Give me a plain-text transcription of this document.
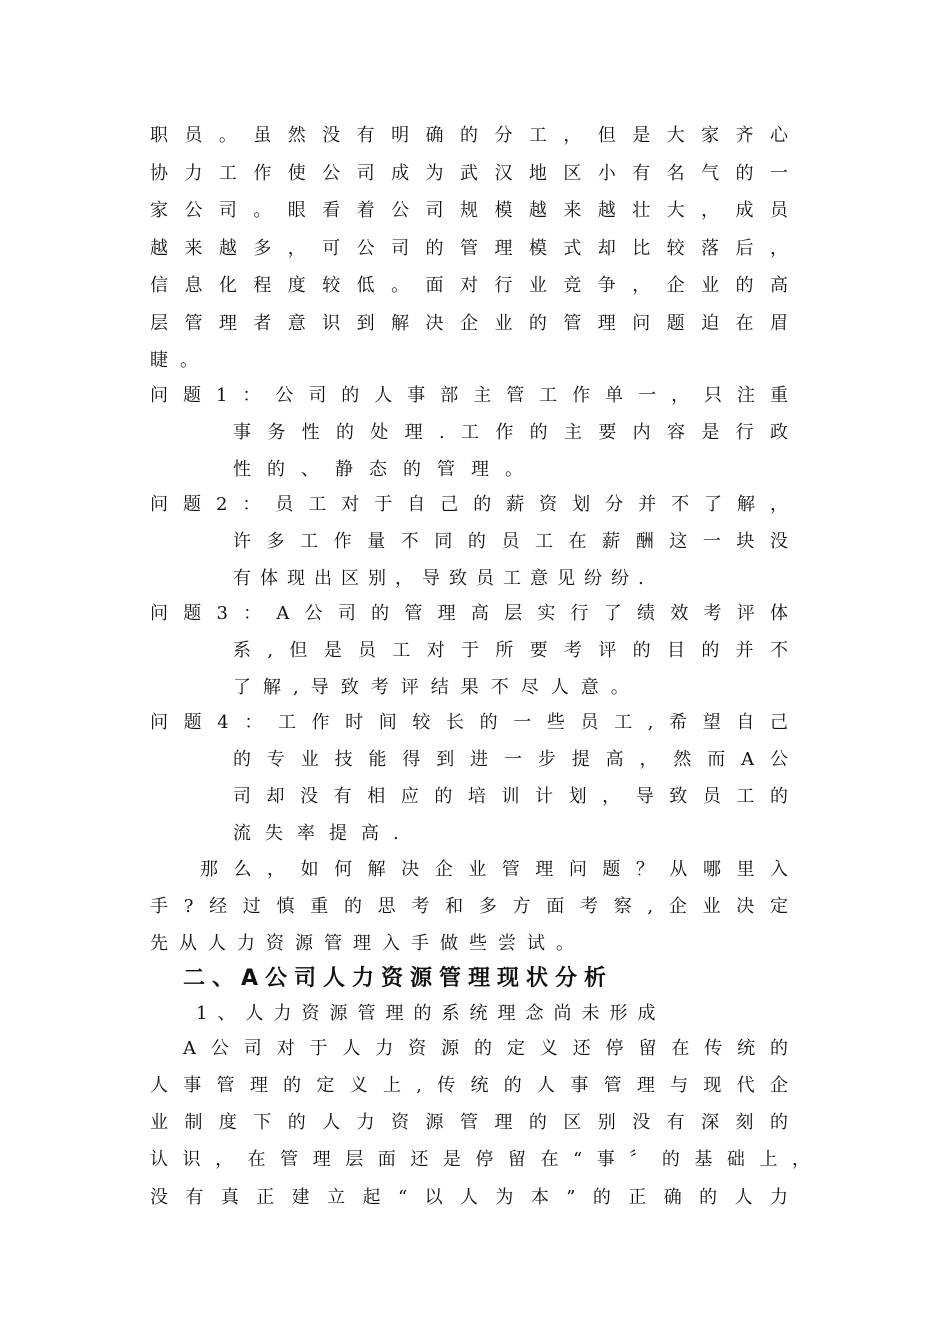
职员。虽然没有明确的分工，但是大家齐心
协力工作使公司成为武汉地区小有名气的一
家公司。眼看着公司规模越来越壮大，成员
越来越多，可公司的管理模式却比较落后，
信息化程度较低。面对行业竞争，企业的高
层管理者意识到解决企业的管理问题迫在眉
睫。
问题1：公司的人事部主管工作单一，只注重
事务性的处理.工作的主要内容是行政
性的、静态的管理。
问题2：员工对于自己的薪资划分并不了解，
许多工作量不同的员工在薪酬这一块没
有体现出区别，导致员工意见纷纷.
问题3：A公司的管理高层实行了绩效考评体
系,但是员工对于所要考评的目的并不
了解,导致考评结果不尽人意。
问题4：工作时间较长的一些员工,希望自己
的专业技能得到进一步提高，然而A公
司却没有相应的培训计划，导致员工的
流失率提高.
那么，如何解决企业管理问题？从哪里入
手?经过慎重的思考和多方面考察,企业决定
先从人力资源管理入手做些尝试。
二、A公司人力资源管理现状分析
1、人力资源管理的系统理念尚未形成
A公司对于人力资源的定义还停留在传统的
人事管理的定义上,传统的人事管理与现代企
业制度下的人力资源管理的区别没有深刻的
认识，在管理层面还是停留在“事〞的基础上，
没有真正建立起“以人为本”的正确的人力
